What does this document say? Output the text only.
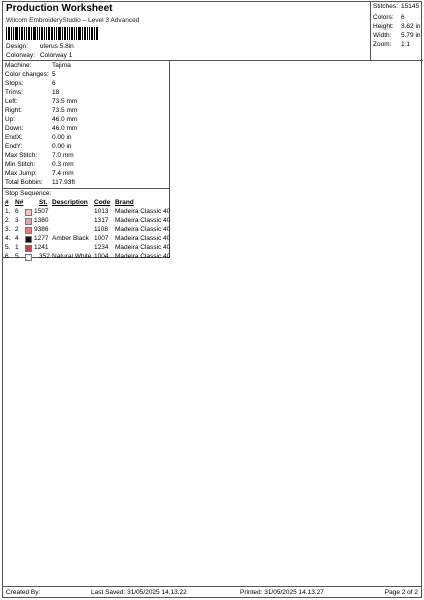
Production Worksheet
Wilcom EmbroideryStudio – Level 3 Advanced
Design: uterus 5.8in
Colorway: Colorway 1
Stitches: 15145
Colors: 6
Height: 3.62 in
Width: 5.79 in
Zoom: 1:1
Machine:	Tajima
Color changes: 5
Stops:	6
Trims:	18
Left:	73.5 mm
Right:	73.5 mm
Up:	46.0 mm
Down:	46.0 mm
EndX:	0.00 in
EndY:	0.00 in
Max Stitch: 7.0 mm
Min Stitch:	0.3 mm
Max Jump: 7.4 mm
Total Bobbin: 117.93ft
Stop Sequence:
# N# St. Description Code Brand
1. 6 1507	1013 Madeira Classic 40
2. 3 1380	1317 Madeira Classic 40
3. 2 9386	1108 Madeira Classic 40
4. 4 1277 Amber Black 1007 Madeira Classic 40
5. 1 1241	1234 Madeira Classic 40
6. 5	352 Natural White 1004 Madeira Classic 40
Created By:	Last Saved: 31/05/2025 14.13.22	Printed: 31/05/2025 14.13.27	Page 2 of 2
